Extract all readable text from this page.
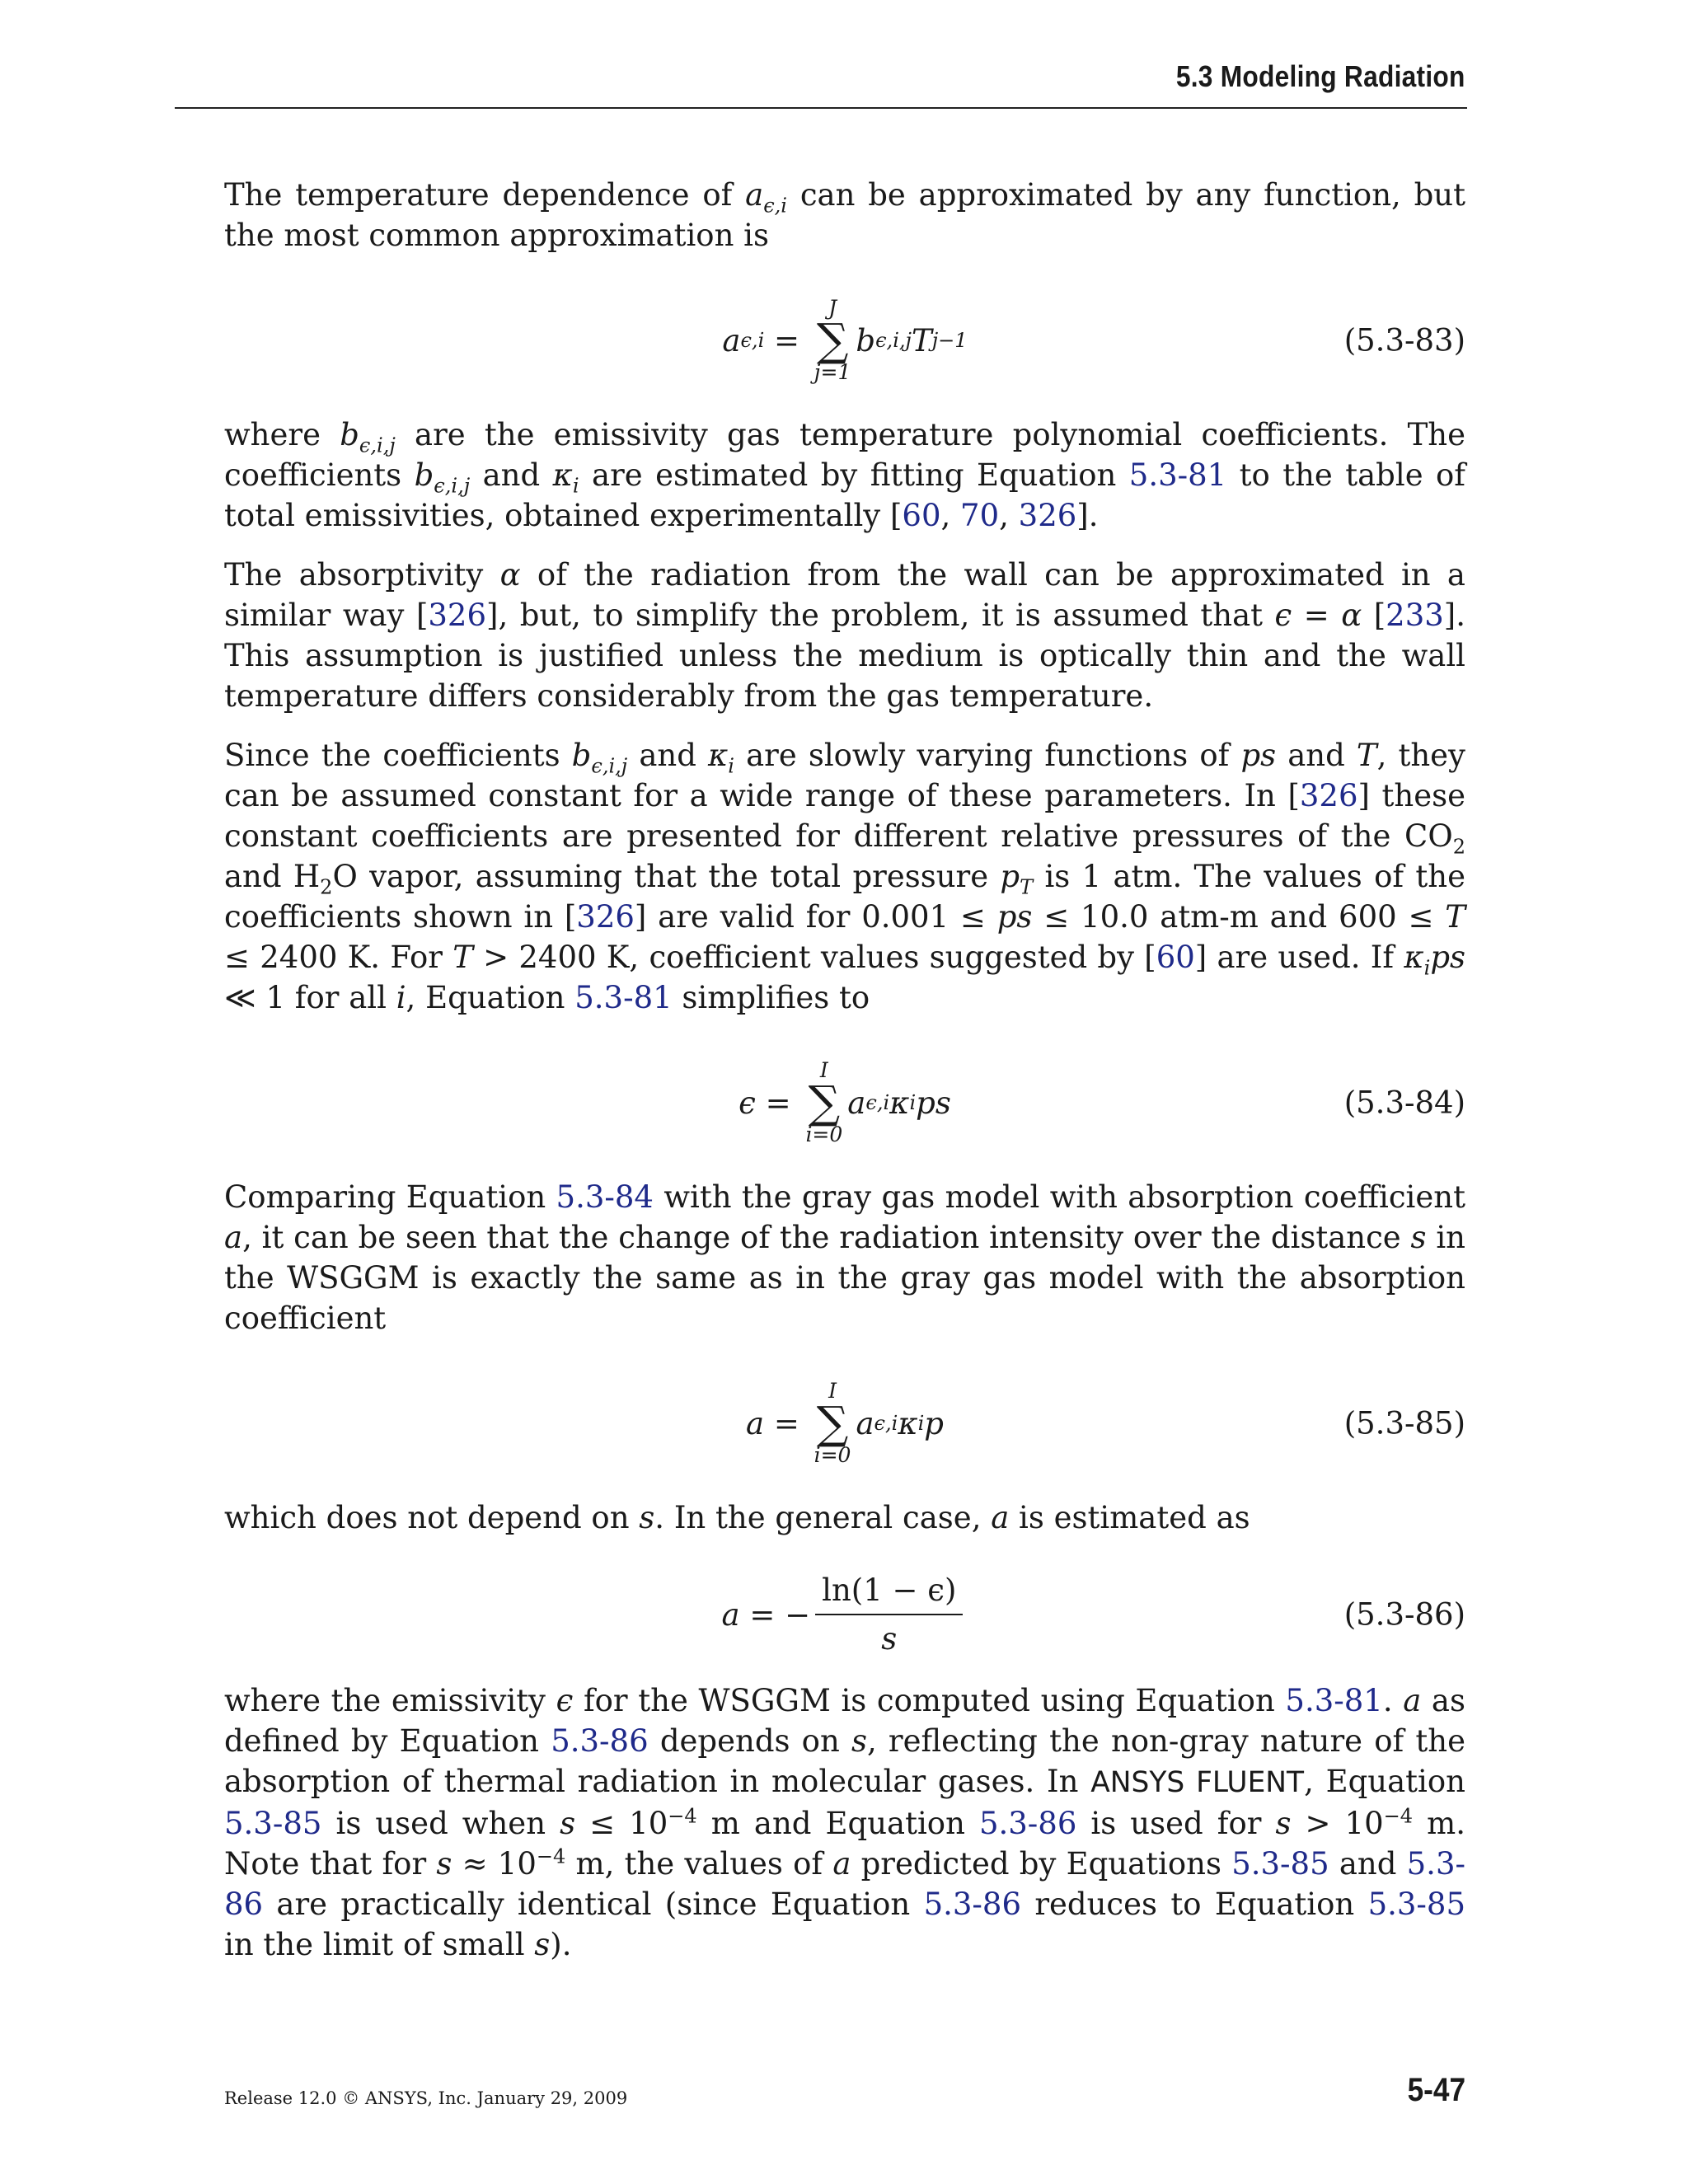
5.3 Modeling Radiation

The temperature dependence of $a_{\epsilon,i}$ can be approximated by any function, but the most common approximation is

a ϵ,i =
J
∑
j=1
b ϵ,i,j T j−1	(5.3-83)

where $b_{\epsilon,i,j}$ are the emissivity gas temperature polynomial coefficients. The coefficients $b_{\epsilon,i,j}$ and $\kappa_i$ are estimated by fitting Equation 5.3-81 to the table of total emissivities, obtained experimentally [60, 70, 326].

The absorptivity α of the radiation from the wall can be approximated in a similar way [326], but, to simplify the problem, it is assumed that ϵ = α [233]. This assumption is justified unless the medium is optically thin and the wall temperature differs considerably from the gas temperature.

Since the coefficients $b_{\epsilon,i,j}$ and $\kappa_i$ are slowly varying functions of ps and T, they can be assumed constant for a wide range of these parameters. In [326] these constant coefficients are presented for different relative pressures of the $CO_2$ and $H_2O$ vapor, assuming that the total pressure $p_T$ is 1 atm. The values of the coefficients shown in [326] are valid for 0.001 ≤ ps ≤ 10.0 atm-m and 600 ≤ T ≤ 2400 K. For T > 2400 K, coefficient values suggested by [60] are used. If $\kappa_ips$ ≪ 1 for all i, Equation 5.3-81 simplifies to

ϵ =
I
∑
i=0
a ϵ,i κ i ps	(5.3-84)

Comparing Equation 5.3-84 with the gray gas model with absorption coefficient a, it can be seen that the change of the radiation intensity over the distance s in the WSGGM is exactly the same as in the gray gas model with the absorption coefficient

a =
I
∑
i=0
a ϵ,i κ i p	(5.3-85)

which does not depend on s. In the general case, a is estimated as

a = − $\frac{\ln(1 - \epsilon)}{s}$	(5.3-86)

where the emissivity ϵ for the WSGGM is computed using Equation 5.3-81. a as defined by Equation 5.3-86 depends on s, reflecting the non-gray nature of the absorption of thermal radiation in molecular gases. In ANSYS FLUENT, Equation 5.3-85 is used when $s \le 10^{-4}$ m and Equation 5.3-86 is used for $s > 10^{-4}$ m. Note that for $s \approx 10^{-4}$ m, the values of a predicted by Equations 5.3-85 and 5.3-86 are practically identical (since Equation 5.3-86 reduces to Equation 5.3-85 in the limit of small s).

Release 12.0 © ANSYS, Inc. January 29, 2009	5-47
